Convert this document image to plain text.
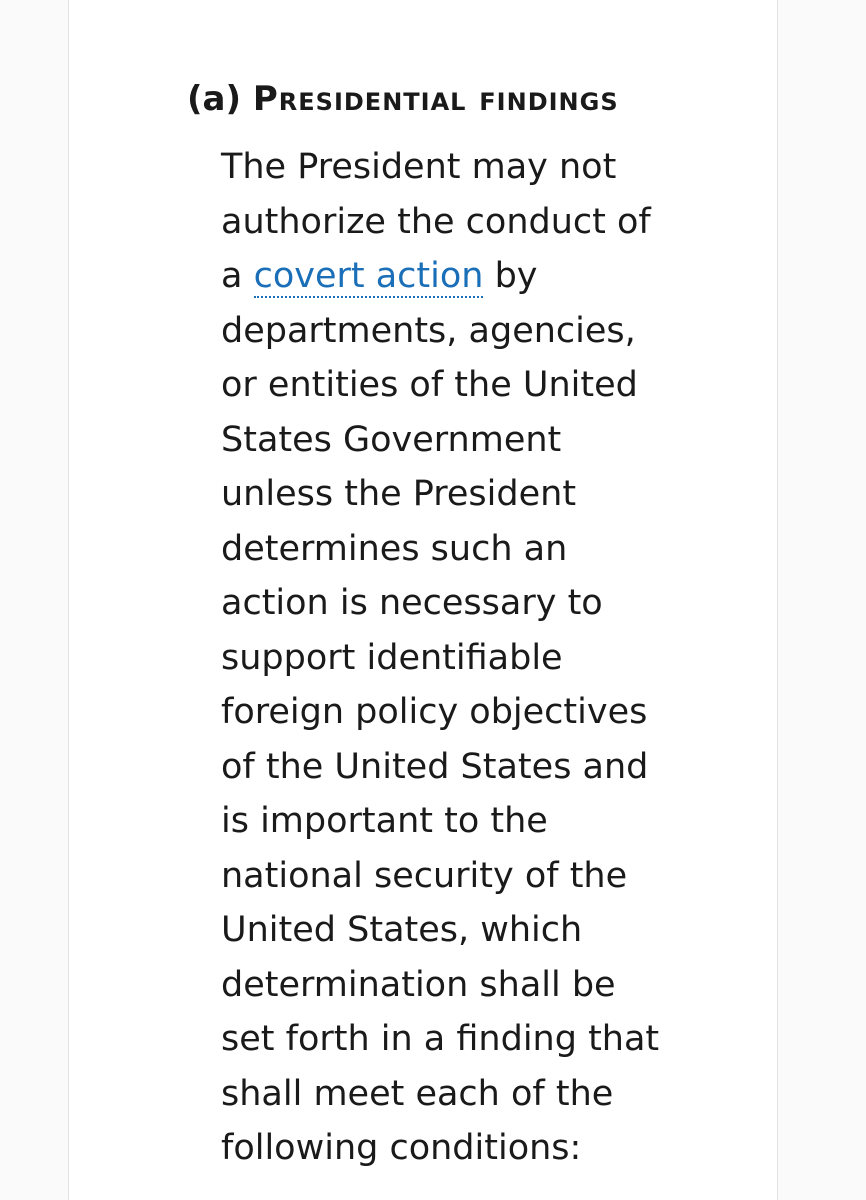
(a) Presidential findings

The President may not
authorize the conduct of
a covert action by
departments, agencies,
or entities of the United
States Government
unless the President
determines such an
action is necessary to
support identifiable
foreign policy objectives
of the United States and
is important to the
national security of the
United States, which
determination shall be
set forth in a finding that
shall meet each of the
following conditions:
